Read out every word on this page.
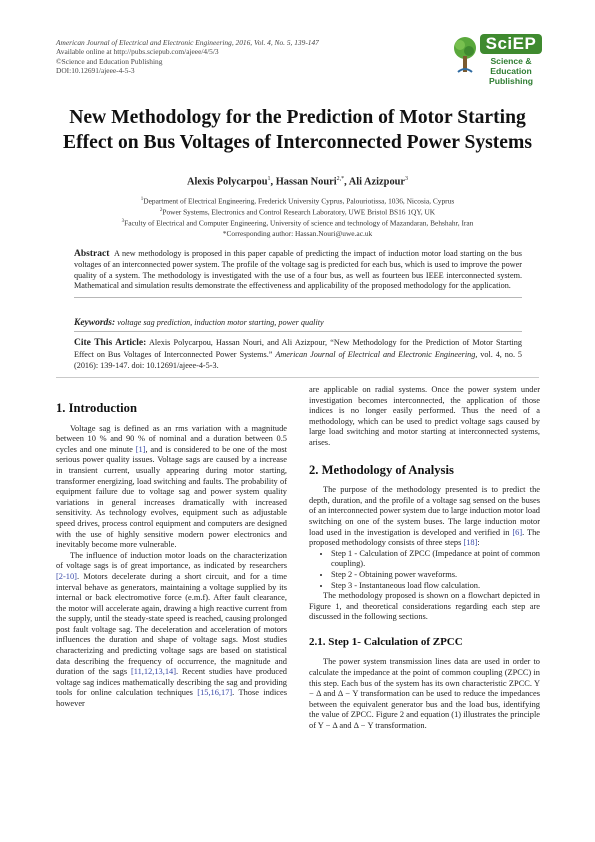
American Journal of Electrical and Electronic Engineering, 2016, Vol. 4, No. 5, 139-147
Available online at http://pubs.sciepub.com/ajeee/4/5/3
©Science and Education Publishing
DOI:10.12691/ajeee-4-5-3
SciEP
Science & Education
Publishing
New Methodology for the Prediction of Motor Starting
Effect on Bus Voltages of Interconnected Power Systems
Alexis Polycarpou$^1$, Hassan Nouri$^{2,*}$, Ali Azizpour$^3$
$^1$Department of Electrical Engineering, Frederick University Cyprus, Palouriotissa, 1036, Nicosia, Cyprus
$^2$Power Systems, Electronics and Control Research Laboratory, UWE Bristol BS16 1QY, UK
$^3$Faculty of Electrical and Computer Engineering, University of science and technology of Mazandaran, Behshahr, Iran
*Corresponding author: Hassan.Nouri@uwe.ac.uk
Abstract A new methodology is proposed in this paper capable of predicting the impact of induction motor load starting on the bus voltages of an interconnected power system. The profile of the voltage sag is predicted for each bus, which is used to improve the power quality of a system. The methodology is investigated with the use of a four bus, as well as fourteen bus IEEE interconnected system. Mathematical and simulation results demonstrate the effectiveness and applicability of the proposed methodology for the application.
Keywords: voltage sag prediction, induction motor starting, power quality
Cite This Article: Alexis Polycarpou, Hassan Nouri, and Ali Azizpour, “New Methodology for the Prediction of Motor Starting Effect on Bus Voltages of Interconnected Power Systems.” American Journal of Electrical and Electronic Engineering, vol. 4, no. 5 (2016): 139-147. doi: 10.12691/ajeee-4-5-3.
1. Introduction

Voltage sag is defined as an rms variation with a magnitude between 10 % and 90 % of nominal and a duration between 0.5 cycles and one minute [1], and is considered to be one of the most serious power quality issues. Voltage sags are caused by a increase in transient current, usually appearing during motor starting, transformer energizing, load switching and faults. The probability of equipment failure due to voltage sag and power system quality variations in general increases dramatically with increased sensitivity. As technology evolves, equipment such as adjustable speed drives, process control equipment and computers are designed with the use of highly sensitive modern power electronics and inevitably become more vulnerable.

The influence of induction motor loads on the characterization of voltage sags is of great importance, as indicated by researchers [2-10]. Motors decelerate during a short circuit, and for a time interval behave as generators, maintaining a voltage supplied by its internal or back electromotive force (e.m.f). After fault clearance, the motor will accelerate again, drawing a high reactive current from the supply, until the steady-state speed is reached, causing prolonged post fault voltage sag. The deceleration and acceleration of motors influences the duration and shape of voltage sags. Most studies characterizing and predicting voltage sags are based on statistical data describing the frequency of occurrence, the magnitude and duration of the sags [11,12,13,14]. Recent studies have produced voltage sag indices mathematically describing the sag and providing tools for online calculation techniques [15,16,17]. Those indices however

are applicable on radial systems. Once the power system under investigation becomes interconnected, the application of those indices is no longer easily performed. Thus the need of a methodology, which can be used to predict voltage sags caused by large load switching and motor starting at interconnected systems, arises.

2. Methodology of Analysis

The purpose of the methodology presented is to predict the depth, duration, and the profile of a voltage sag sensed on the buses of an interconnected power system due to large induction motor load switching on one of the system buses. The large induction motor load used in the investigation is developed and verified in [6]. The proposed methodology consists of three steps [18]:

• Step 1 - Calculation of ZPCC (Impedance at point of common coupling).
• Step 2 - Obtaining power waveforms.
• Step 3 - Instantaneous load flow calculation.

The methodology proposed is shown on a flowchart depicted in Figure 1, and theoretical considerations regarding each step are discussed in the following sections.

2.1. Step 1- Calculation of ZPCC

The power system transmission lines data are used in order to calculate the impedance at the point of common coupling (ZPCC) in this step. Each bus of the system has its own characteristic ZPCC. Y − Δ and Δ − Y transformation can be used to reduce the impedances between the equivalent generator bus and the load bus, identifying the value of ZPCC. Figure 2 and equation (1) illustrates the principle of Y − Δ and Δ − Y transformation.
